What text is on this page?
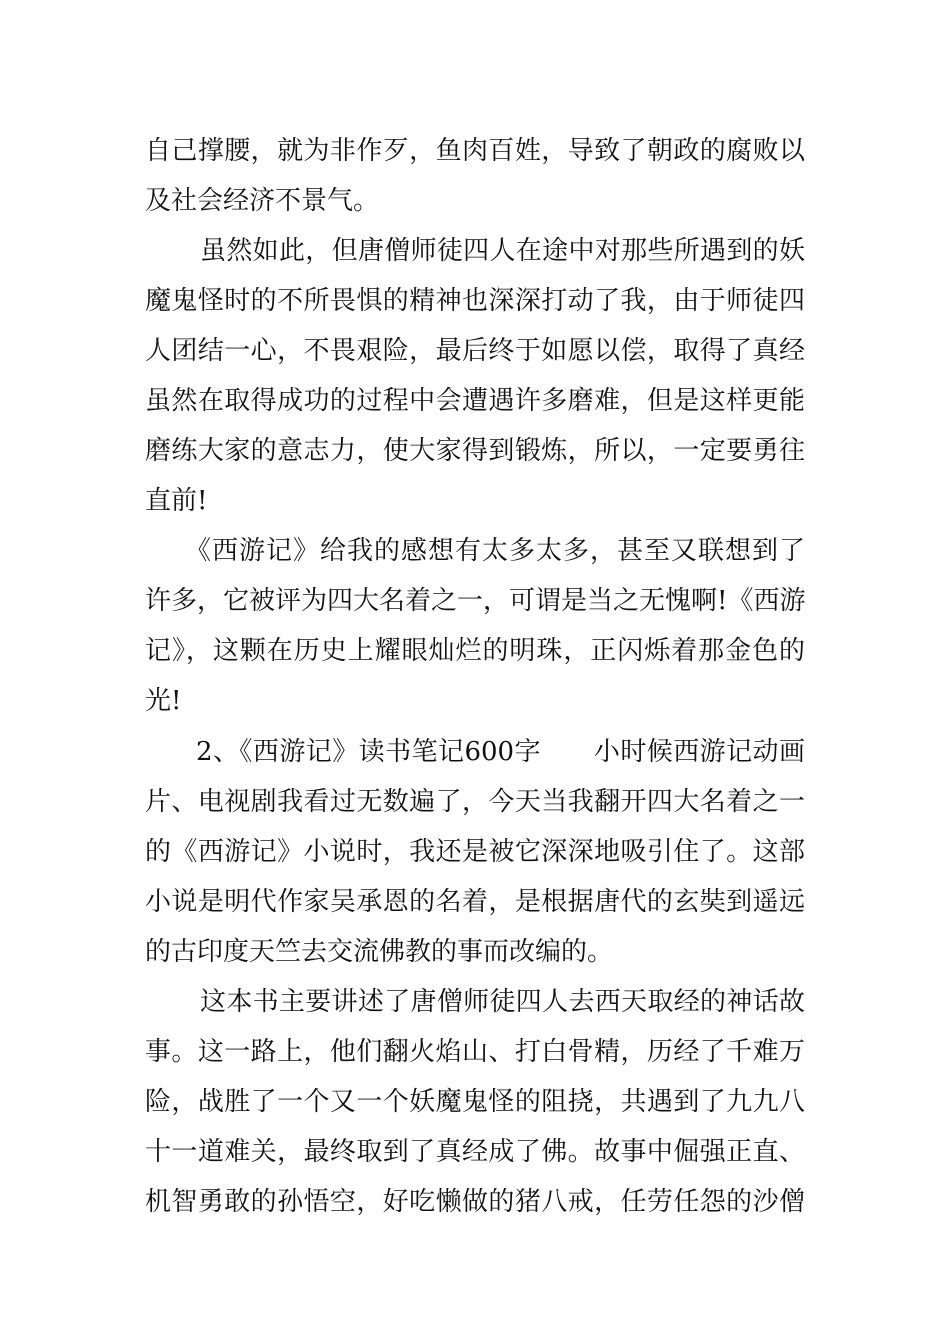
自己撑腰，就为非作歹，鱼肉百姓，导致了朝政的腐败以
及社会经济不景气。
虽然如此，但唐僧师徒四人在途中对那些所遇到的妖
魔鬼怪时的不所畏惧的精神也深深打动了我，由于师徒四
人团结一心，不畏艰险，最后终于如愿以偿，取得了真经
虽然在取得成功的过程中会遭遇许多磨难，但是这样更能
磨练大家的意志力，使大家得到锻炼，所以，一定要勇往
直前!
《西游记》给我的感想有太多太多，甚至又联想到了
许多，它被评为四大名着之一，可谓是当之无愧啊!《西游
记》，这颗在历史上耀眼灿烂的明珠，正闪烁着那金色的
光!
2、《西游记》读书笔记600字　　小时候西游记动画
片、电视剧我看过无数遍了，今天当我翻开四大名着之一
的《西游记》小说时，我还是被它深深地吸引住了。这部
小说是明代作家吴承恩的名着，是根据唐代的玄奘到遥远
的古印度天竺去交流佛教的事而改编的。
这本书主要讲述了唐僧师徒四人去西天取经的神话故
事。这一路上，他们翻火焰山、打白骨精，历经了千难万
险，战胜了一个又一个妖魔鬼怪的阻挠，共遇到了九九八
十一道难关，最终取到了真经成了佛。故事中倔强正直、
机智勇敢的孙悟空，好吃懒做的猪八戒，任劳任怨的沙僧
